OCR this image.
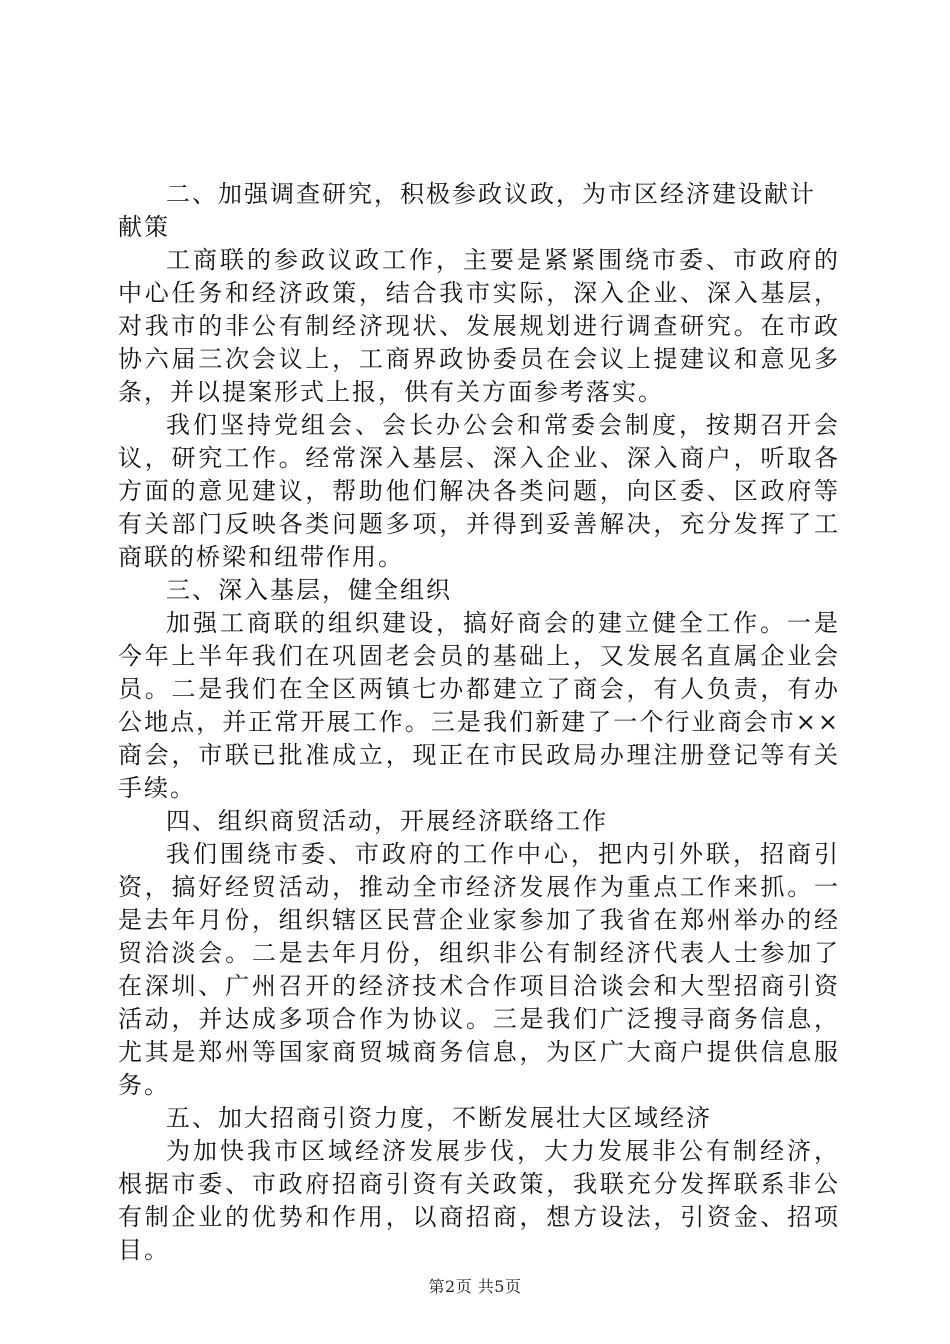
二、加强调查研究，积极参政议政，为市区经济建设献计献策

工商联的参政议政工作，主要是紧紧围绕市委、市政府的中心任务和经济政策，结合我市实际，深入企业、深入基层，对我市的非公有制经济现状、发展规划进行调查研究。在市政协六届三次会议上，工商界政协委员在会议上提建议和意见多条，并以提案形式上报，供有关方面参考落实。

我们坚持党组会、会长办公会和常委会制度，按期召开会议，研究工作。经常深入基层、深入企业、深入商户，听取各方面的意见建议，帮助他们解决各类问题，向区委、区政府等有关部门反映各类问题多项，并得到妥善解决，充分发挥了工商联的桥梁和纽带作用。

三、深入基层，健全组织

加强工商联的组织建设，搞好商会的建立健全工作。一是今年上半年我们在巩固老会员的基础上，又发展名直属企业会员。二是我们在全区两镇七办都建立了商会，有人负责，有办公地点，并正常开展工作。三是我们新建了一个行业商会市××商会，市联已批准成立，现正在市民政局办理注册登记等有关手续。

四、组织商贸活动，开展经济联络工作

我们围绕市委、市政府的工作中心，把内引外联，招商引资，搞好经贸活动，推动全市经济发展作为重点工作来抓。一是去年月份，组织辖区民营企业家参加了我省在郑州举办的经贸洽淡会。二是去年月份，组织非公有制经济代表人士参加了在深圳、广州召开的经济技术合作项目洽谈会和大型招商引资活动，并达成多项合作为协议。三是我们广泛搜寻商务信息，尤其是郑州等国家商贸城商务信息，为区广大商户提供信息服务。

五、加大招商引资力度，不断发展壮大区域经济

为加快我市区域经济发展步伐，大力发展非公有制经济，根据市委、市政府招商引资有关政策，我联充分发挥联系非公有制企业的优势和作用，以商招商，想方设法，引资金、招项目。

第2页 共5页
